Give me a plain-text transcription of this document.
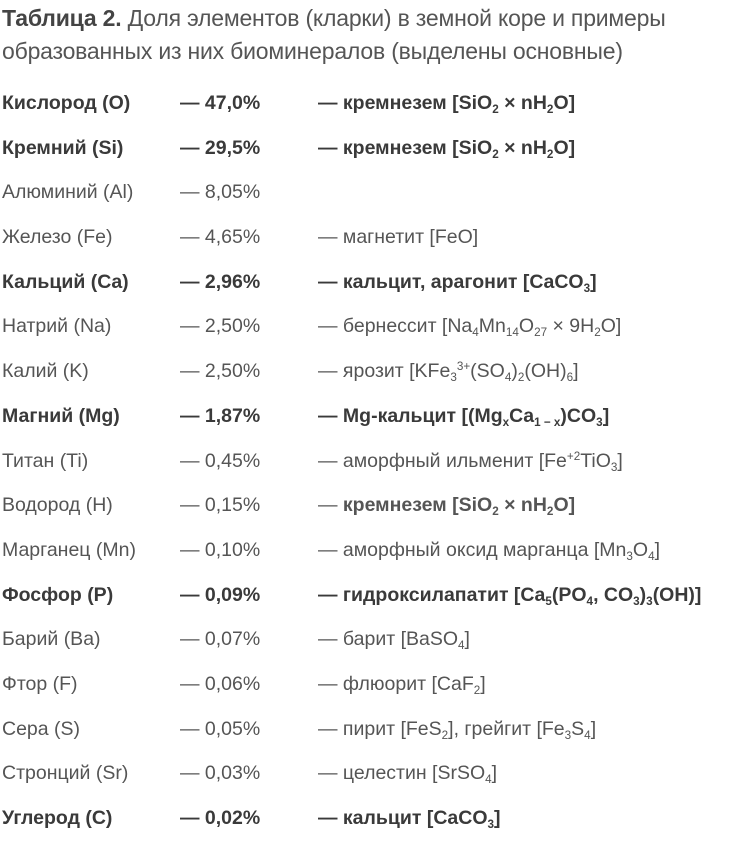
Таблица 2. Доля элементов (кларки) в земной коре и примеры образованных из них биоминералов (выделены основные)
Кислород (O)	— 47,0%	— кремнезем $[SiO_2 \times nH_2O]$
Кремний (Si)	— 29,5%	— кремнезем $[SiO_2 \times nH_2O]$
Алюминий (Al) — 8,05%
Железо (Fe)	— 4,65%	— магнетит [FeO]
Кальций (Ca)	— 2,96%	— кальцит, арагонит [CaCO$_3$]
Натрий (Na)	— 2,50%	— бернессит $[Na_4Mn_{14}O_{27} \times 9H_2O]$
Калий (K)	— 2,50%	— ярозит $[KFe_3^{3+}(SO_4)_2(OH)_6]$
Магний (Mg)	— 1,87%	— Mg-кальцит $[(Mg_xCa_{1 - x})CO_3]$
Титан (Ti)	— 0,45%	— аморфный ильменит $[Fe^{+2}TiO_3]$
Водород (H)	— 0,15%	— кремнезем $[SiO_2 \times nH_2O]$
Марганец (Mn) — 0,10%	— аморфный оксид марганца $[Mn_3O_4]$
Фосфор (P)	— 0,09%	— гидроксилапатит [$Ca_5(PO_4$, $CO_3)_3(OH)$]
Барий (Ba)	— 0,07%	— барит [BaSO$_4$]
Фтор (F)	— 0,06%	— флюорит [CaF$_2$]
Сера (S)	— 0,05%	— пирит [FeS$_2$], грейгит $[Fe_3S_4]$
Стронций (Sr)	— 0,03%	— целестин [SrSO$_4$]
Углерод (C)	— 0,02%	— кальцит [CaCO$_3$]
